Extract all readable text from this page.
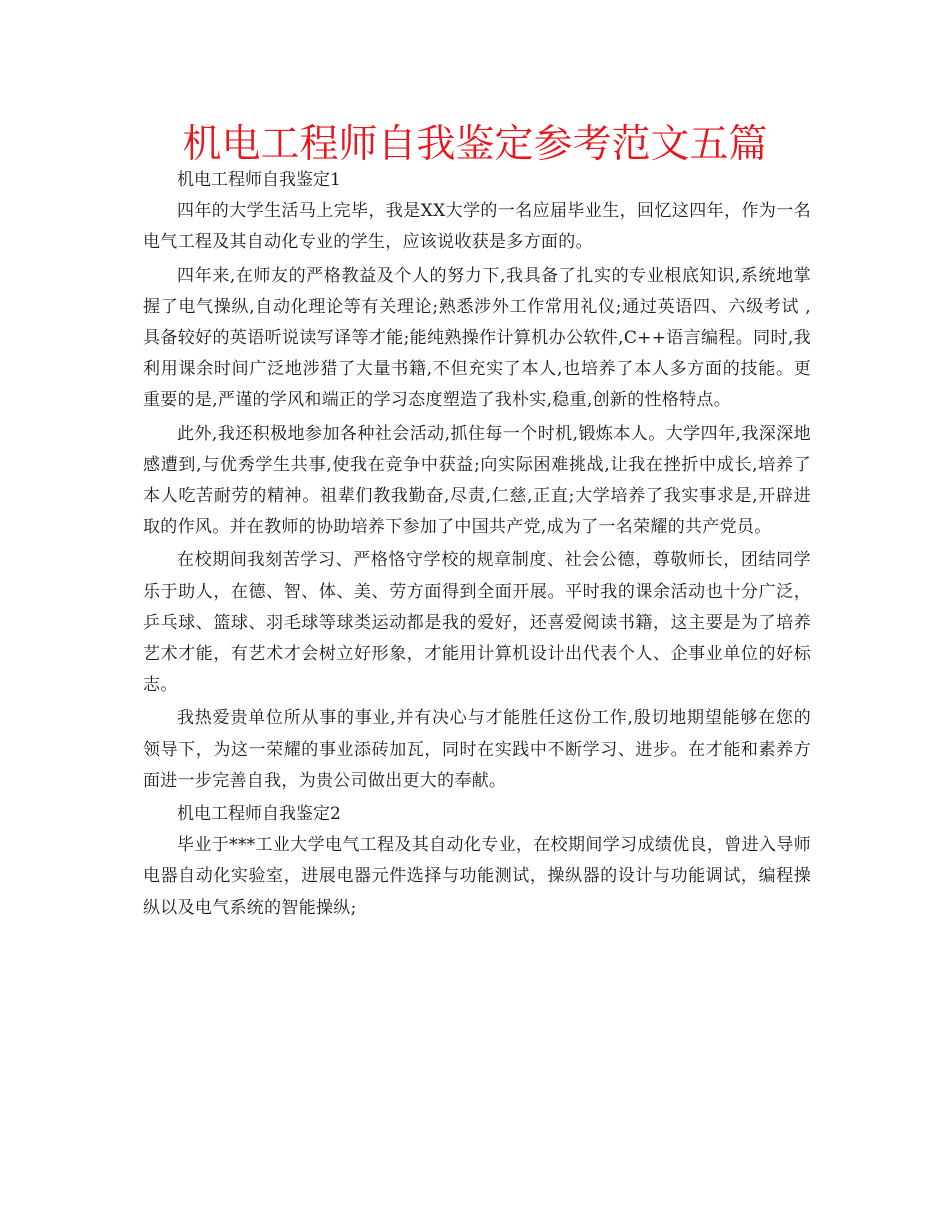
机电工程师自我鉴定参考范文五篇

机电工程师自我鉴定1

四年的大学生活马上完毕，我是XX大学的一名应届毕业生，回忆这四年，作为一名电气工程及其自动化专业的学生，应该说收获是多方面的。

四年来,在师友的严格教益及个人的努力下,我具备了扎实的专业根底知识,系统地掌握了电气操纵,自动化理论等有关理论;熟悉涉外工作常用礼仪;通过英语四、六级考试 ,具备较好的英语听说读写译等才能;能纯熟操作计算机办公软件,C++语言编程。同时,我利用课余时间广泛地涉猎了大量书籍,不但充实了本人,也培养了本人多方面的技能。更重要的是,严谨的学风和端正的学习态度塑造了我朴实,稳重,创新的性格特点。

此外,我还积极地参加各种社会活动,抓住每一个时机,锻炼本人。大学四年,我深深地感遭到,与优秀学生共事,使我在竞争中获益;向实际困难挑战,让我在挫折中成长,培养了本人吃苦耐劳的精神。祖辈们教我勤奋,尽责,仁慈,正直;大学培养了我实事求是,开辟进取的作风。并在教师的协助培养下参加了中国共产党,成为了一名荣耀的共产党员。

在校期间我刻苦学习、严格恪守学校的规章制度、社会公德，尊敬师长，团结同学乐于助人，在德、智、体、美、劳方面得到全面开展。平时我的课余活动也十分广泛，乒乓球、篮球、羽毛球等球类运动都是我的爱好，还喜爱阅读书籍，这主要是为了培养艺术才能，有艺术才会树立好形象，才能用计算机设计出代表个人、企事业单位的好标志。

我热爱贵单位所从事的事业,并有决心与才能胜任这份工作,殷切地期望能够在您的领导下，为这一荣耀的事业添砖加瓦，同时在实践中不断学习、进步。在才能和素养方面进一步完善自我，为贵公司做出更大的奉献。

机电工程师自我鉴定2

毕业于***工业大学电气工程及其自动化专业，在校期间学习成绩优良，曾进入导师电器自动化实验室，进展电器元件选择与功能测试，操纵器的设计与功能调试，编程操纵以及电气系统的智能操纵;
